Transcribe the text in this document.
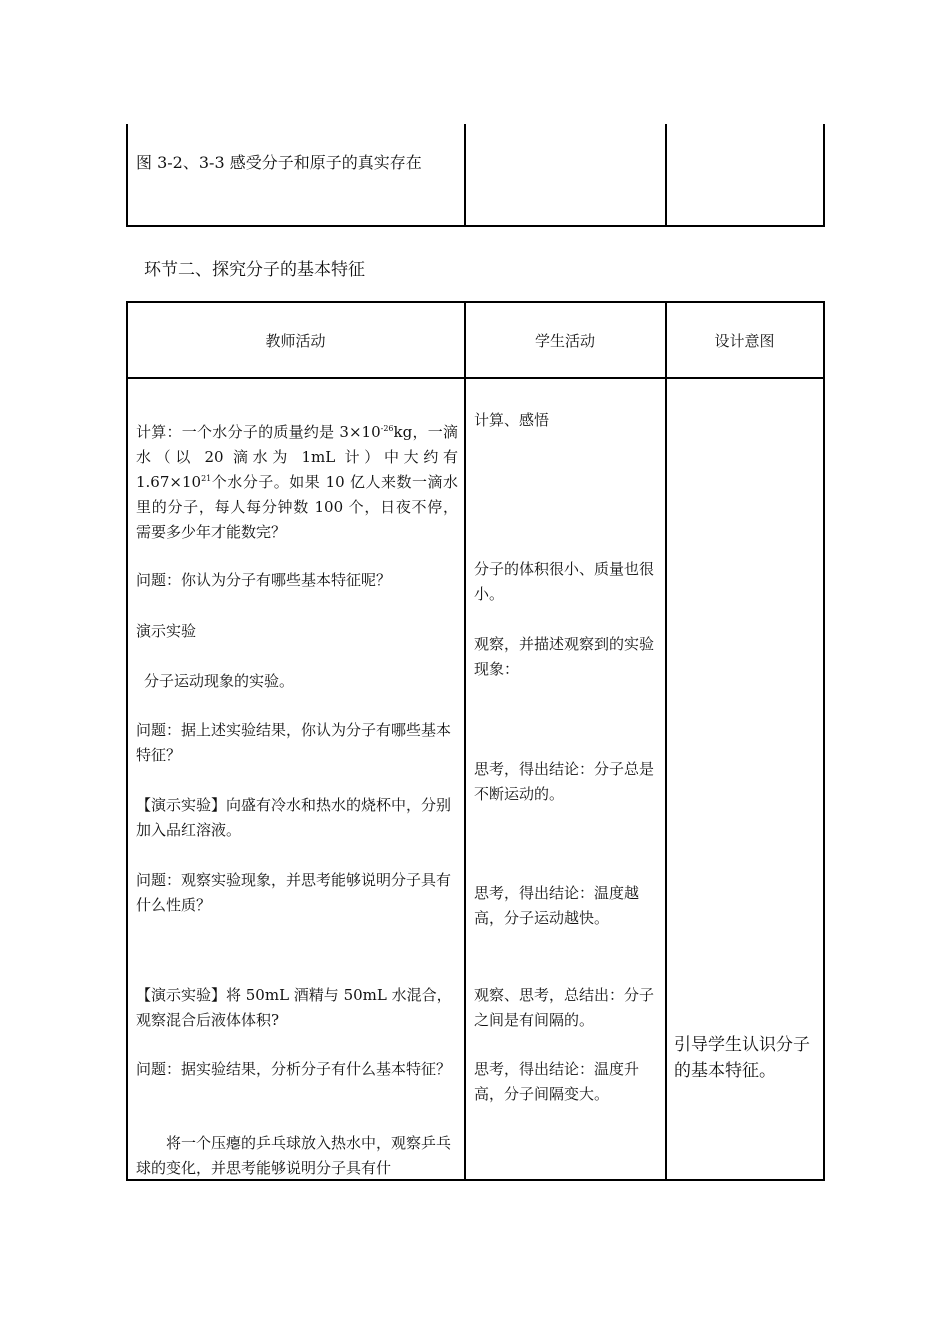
图 3-2、3-3 感受分子和原子的真实存在
环节二、探究分子的基本特征
教师活动	学生活动	设计意图
计算：一个水分子的质量约是 $3\times 10^{-26}kg$，一滴水（以 20 滴水为 1mL 计）中大约有 $1.67\times 10^{21}$个水分子。如果 10 亿人来数一滴水里的分子，每人每分钟数 100 个，日夜不停，需要多少年才能数完？
问题：你认为分子有哪些基本特征呢？
演示实验
分子运动现象的实验。
问题：据上述实验结果，你认为分子有哪些基本特征？
【演示实验】向盛有冷水和热水的烧杯中，分别加入品红溶液。
问题：观察实验现象，并思考能够说明分子具有什么性质？
【演示实验】将 50mL 酒精与 50mL 水混合，观察混合后液体体积?
问题：据实验结果，分析分子有什么基本特征？
将一个压瘪的乒乓球放入热水中，观察乒乓球的变化，并思考能够说明分子具有什
计算、感悟
分子的体积很小、质量也很小。
观察，并描述观察到的实验现象：
思考，得出结论：分子总是不断运动的。
思考，得出结论：温度越高，分子运动越快。
观察、思考，总结出：分子之间是有间隔的。
思考，得出结论：温度升高，分子间隔变大。
引导学生认识分子的基本特征。
